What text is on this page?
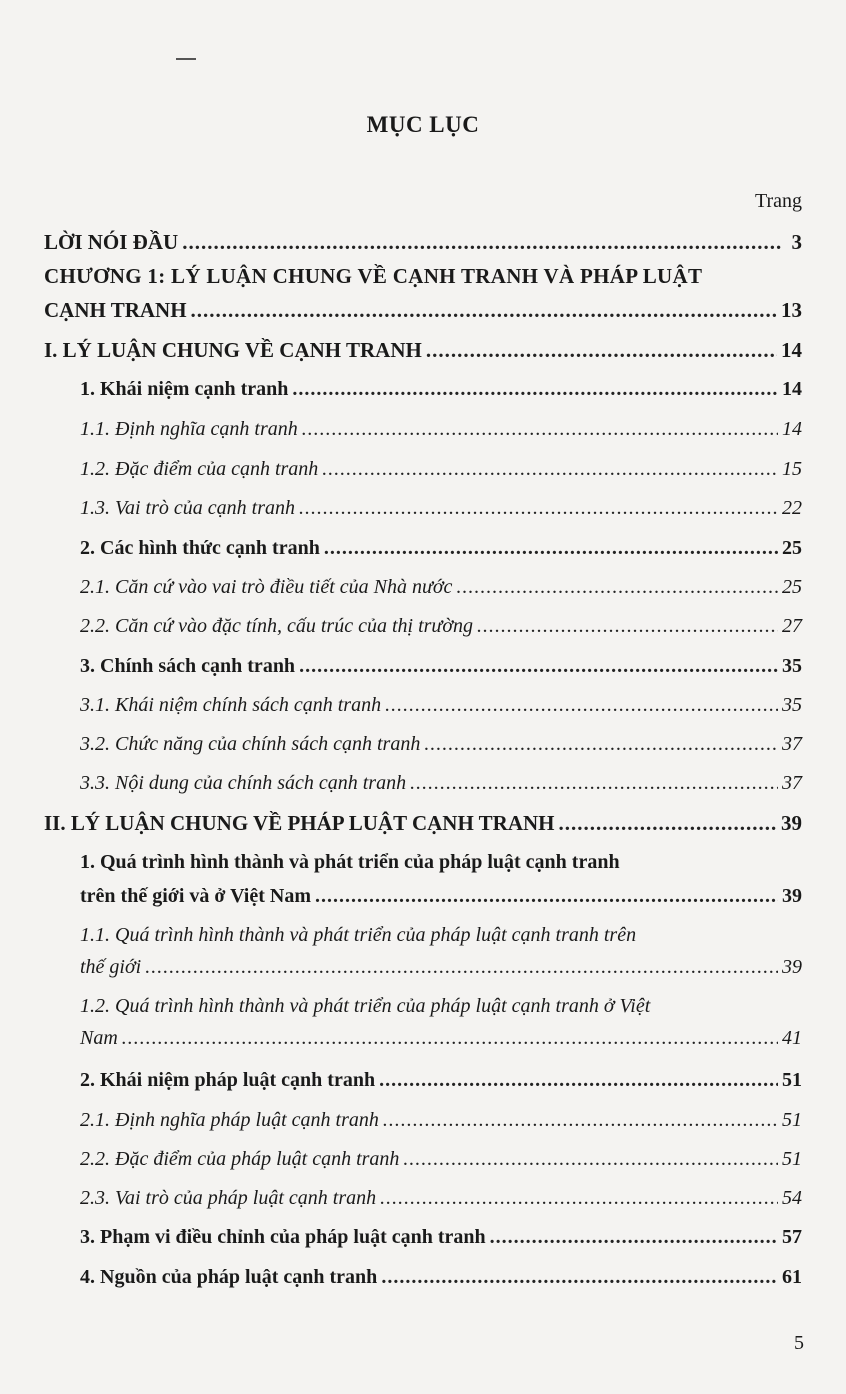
MỤC LỤC
Trang
LỜI NÓI ĐẦU .....	3
CHƯƠNG 1: LÝ LUẬN CHUNG VỀ CẠNH TRANH VÀ PHÁP LUẬT
CẠNH TRANH .....	13
I. LÝ LUẬN CHUNG VỀ CẠNH TRANH .....	14
1. Khái niệm cạnh tranh .....	14
1.1. Định nghĩa cạnh tranh .....	14
1.2. Đặc điểm của cạnh tranh .....	15
1.3. Vai trò của cạnh tranh .....	22
2. Các hình thức cạnh tranh .....	25
2.1. Căn cứ vào vai trò điều tiết của Nhà nước .....	25
2.2. Căn cứ vào đặc tính, cấu trúc của thị trường .....	27
3. Chính sách cạnh tranh .....	35
3.1. Khái niệm chính sách cạnh tranh .....	35
3.2. Chức năng của chính sách cạnh tranh .....	37
3.3. Nội dung của chính sách cạnh tranh .....	37
II. LÝ LUẬN CHUNG VỀ PHÁP LUẬT CẠNH TRANH .....	39
1. Quá trình hình thành và phát triển của pháp luật cạnh tranh
trên thế giới và ở Việt Nam .....	39
1.1. Quá trình hình thành và phát triển của pháp luật cạnh tranh trên
thế giới .....	39
1.2. Quá trình hình thành và phát triển của pháp luật cạnh tranh ở Việt
Nam .....	41
2. Khái niệm pháp luật cạnh tranh .....	51
2.1. Định nghĩa pháp luật cạnh tranh .....	51
2.2. Đặc điểm của pháp luật cạnh tranh .....	51
2.3. Vai trò của pháp luật cạnh tranh .....	54
3. Phạm vi điều chỉnh của pháp luật cạnh tranh .....	57
4. Nguồn của pháp luật cạnh tranh .....	61
5
